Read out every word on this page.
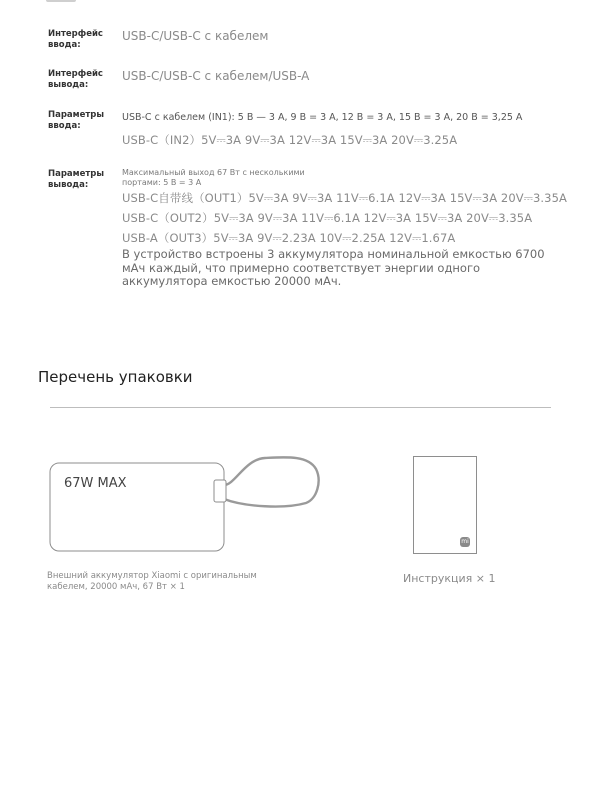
Интерфейс ввода:
USB-C/USB-C с кабелем
Интерфейс вывода:
USB-C/USB-C с кабелем/USB-A
Параметры ввода:
USB-C с кабелем (IN1): 5 В — 3 А, 9 В = 3 А, 12 В = 3 А, 15 В = 3 А, 20 В = 3,25 А
USB-C（IN2）5V⎓3A 9V⎓3A 12V⎓3A 15V⎓3A 20V⎓3.25A
Параметры вывода:
Максимальный выход 67 Вт с несколькими портами: 5 В = 3 А
USB-C自带线（OUT1）5V⎓3A 9V⎓3A 11V⎓6.1A 12V⎓3A 15V⎓3A 20V⎓3.35A
USB-C（OUT2）5V⎓3A 9V⎓3A 11V⎓6.1A 12V⎓3A 15V⎓3A 20V⎓3.35A
USB-A（OUT3）5V⎓3A 9V⎓2.23A 10V⎓2.25A 12V⎓1.67A
В устройство встроены 3 аккумулятора номинальной емкостью 6700 мАч каждый, что примерно соответствует энергии одного аккумулятора емкостью 20000 мАч.
Перечень упаковки
67W MAX
mi
Внешний аккумулятор Xiaomi с оригинальным кабелем, 20000 мАч, 67 Вт × 1
Инструкция × 1
